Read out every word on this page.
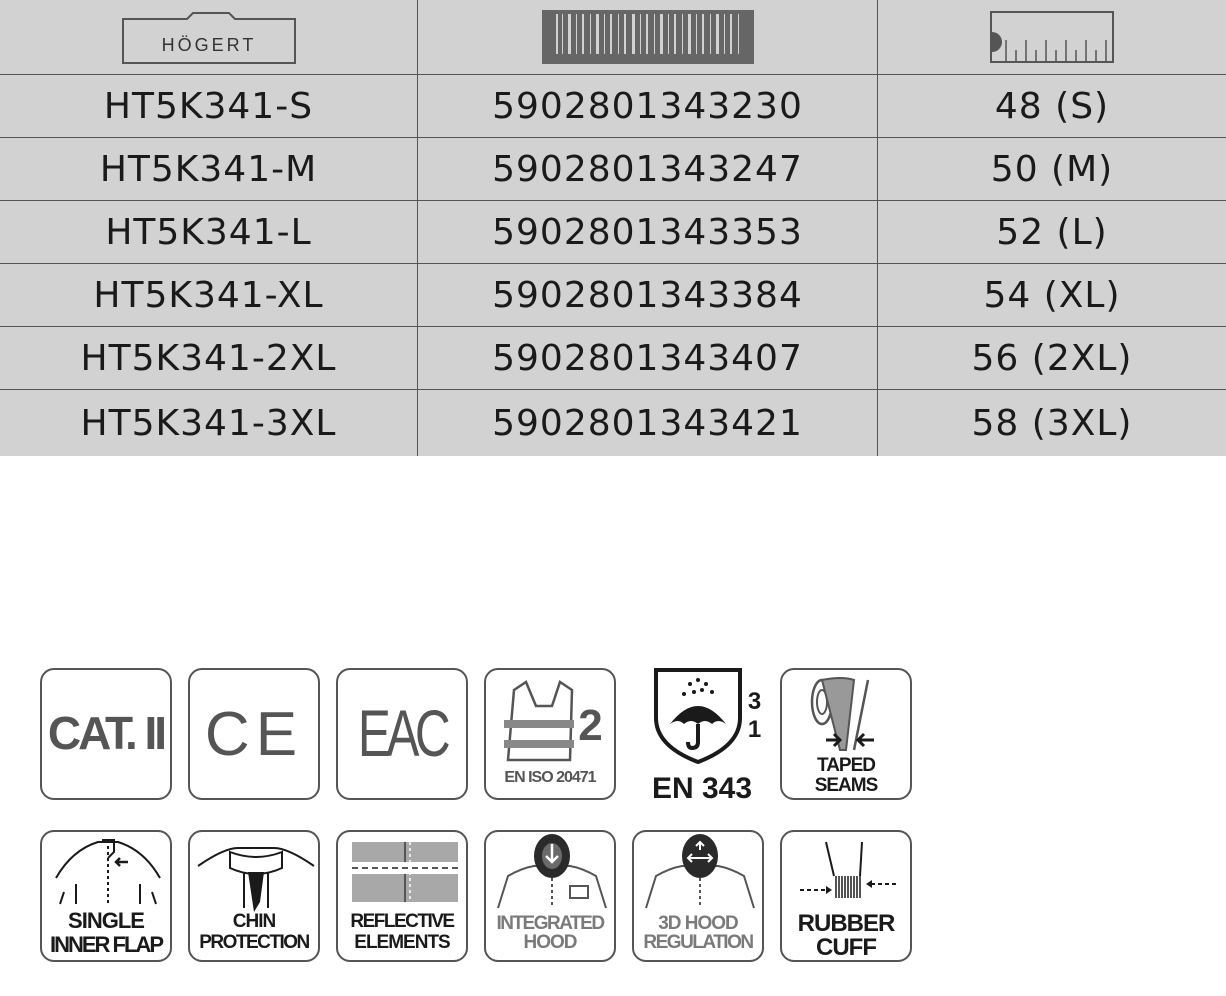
HÖGERT
HT5K341-S	5902801343230	48 (S)
HT5K341-M	5902801343247	50 (M)
HT5K341-L	5902801343353	52 (L)
HT5K341-XL	5902801343384	54 (XL)
HT5K341-2XL	5902801343407	56 (2XL)
HT5K341-3XL	5902801343421	58 (3XL)
CAT. II CE EAC	2
EN ISO 20471
3
1
EN 343
TAPED
SEAMS
SINGLE
INNER FLAP
CHIN
PROTECTION
REFLECTIVE
ELEMENTS
INTEGRATED
HOOD
3D HOOD
REGULATION
RUBBER
CUFF
